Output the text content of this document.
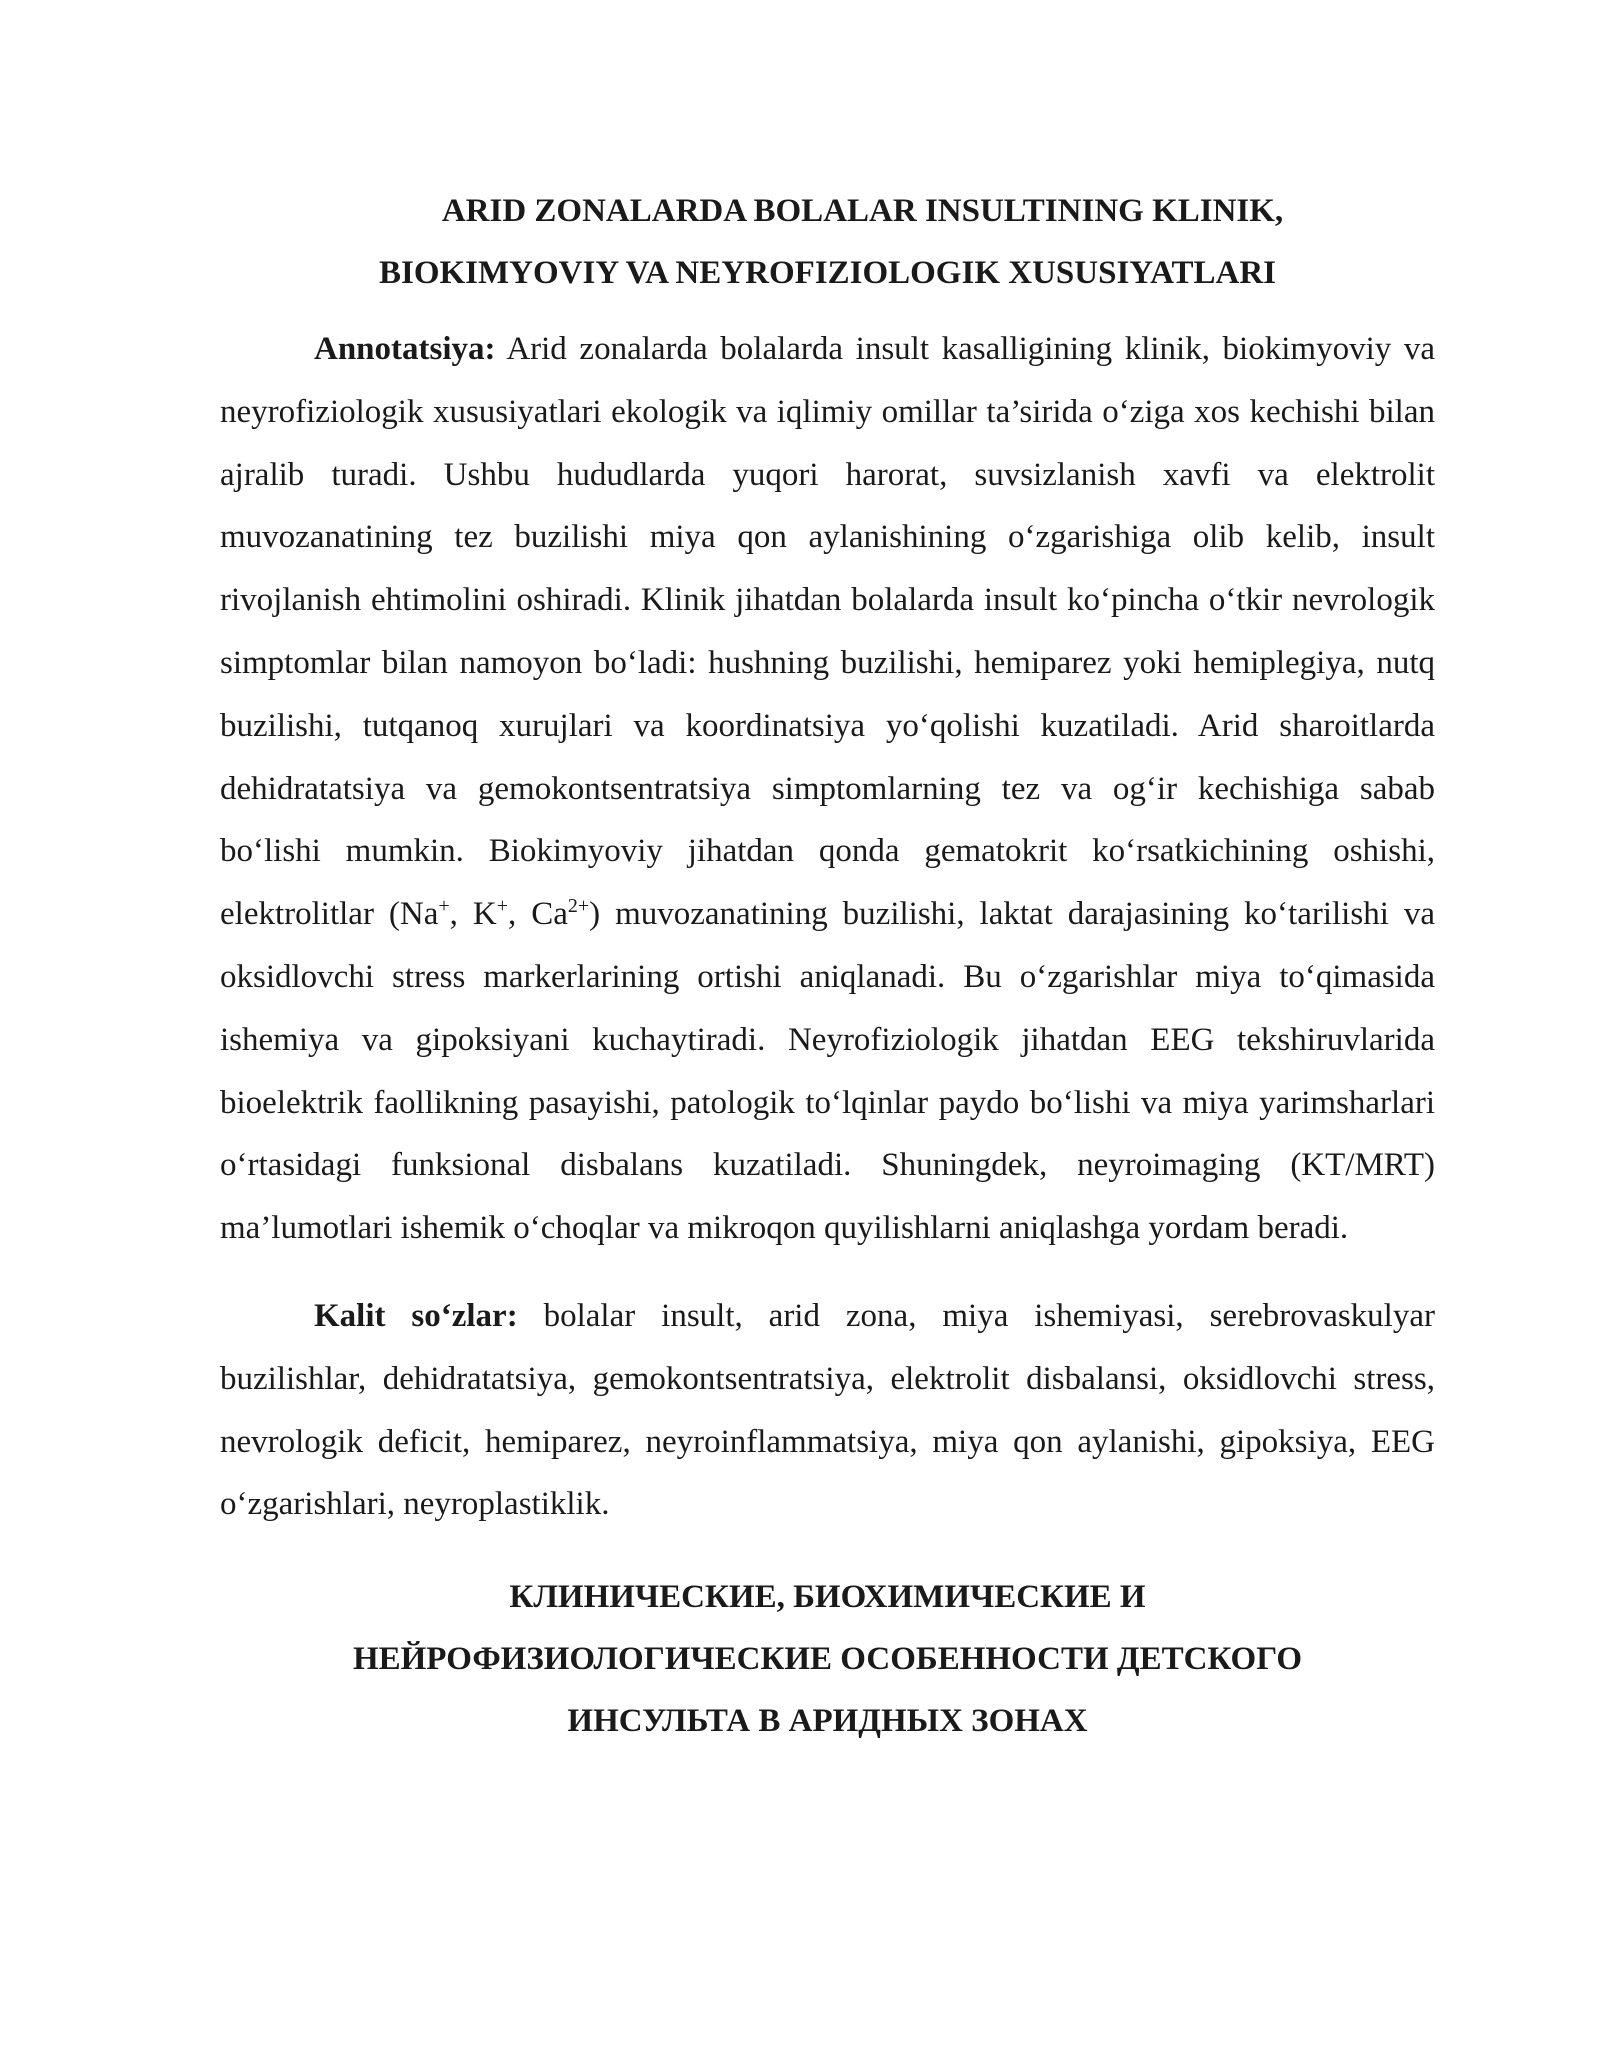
ARID ZONALARDA BOLALAR INSULTINING KLINIK,
BIOKIMYOVIY VA NEYROFIZIOLOGIK XUSUSIYATLARI

Annotatsiya: Arid zonalarda bolalarda insult kasalligining klinik, biokimyoviy va neyrofiziologik xususiyatlari ekologik va iqlimiy omillar ta’sirida o‘ziga xos kechishi bilan ajralib turadi. Ushbu hududlarda yuqori harorat, suvsizlanish xavfi va elektrolit muvozanatining tez buzilishi miya qon aylanishining o‘zgarishiga olib kelib, insult rivojlanish ehtimolini oshiradi. Klinik jihatdan bolalarda insult ko‘pincha o‘tkir nevrologik simptomlar bilan namoyon bo‘ladi: hushning buzilishi, hemiparez yoki hemiplegiya, nutq buzilishi, tutqanoq xurujlari va koordinatsiya yo‘qolishi kuzatiladi. Arid sharoitlarda dehidratatsiya va gemokontsentratsiya simptomlarning tez va og‘ir kechishiga sabab bo‘lishi mumkin. Biokimyoviy jihatdan qonda gematokrit ko‘rsatkichining oshishi, elektrolitlar (Na+, K+, $Ca^{2+}$) muvozanatining buzilishi, laktat darajasining ko‘tarilishi va oksidlovchi stress markerlarining ortishi aniqlanadi. Bu o‘zgarishlar miya to‘qimasida ishemiya va gipoksiyani kuchaytiradi. Neyrofiziologik jihatdan EEG tekshiruvlarida bioelektrik faollikning pasayishi, patologik to‘lqinlar paydo bo‘lishi va miya yarimsharlari o‘rtasidagi funksional disbalans kuzatiladi. Shuningdek, neyroimaging (KT/MRT) ma’lumotlari ishemik o‘choqlar va mikroqon quyilishlarni aniqlashga yordam beradi.

Kalit so‘zlar: bolalar insult, arid zona, miya ishemiyasi, serebrovaskulyar buzilishlar, dehidratatsiya, gemokontsentratsiya, elektrolit disbalansi, oksidlovchi stress, nevrologik deficit, hemiparez, neyroinflammatsiya, miya qon aylanishi, gipoksiya, EEG o‘zgarishlari, neyroplastiklik.

КЛИНИЧЕСКИЕ, БИОХИМИЧЕСКИЕ И
НЕЙРОФИЗИОЛОГИЧЕСКИЕ ОСОБЕННОСТИ ДЕТСКОГО
ИНСУЛЬТА В АРИДНЫХ ЗОНАХ
